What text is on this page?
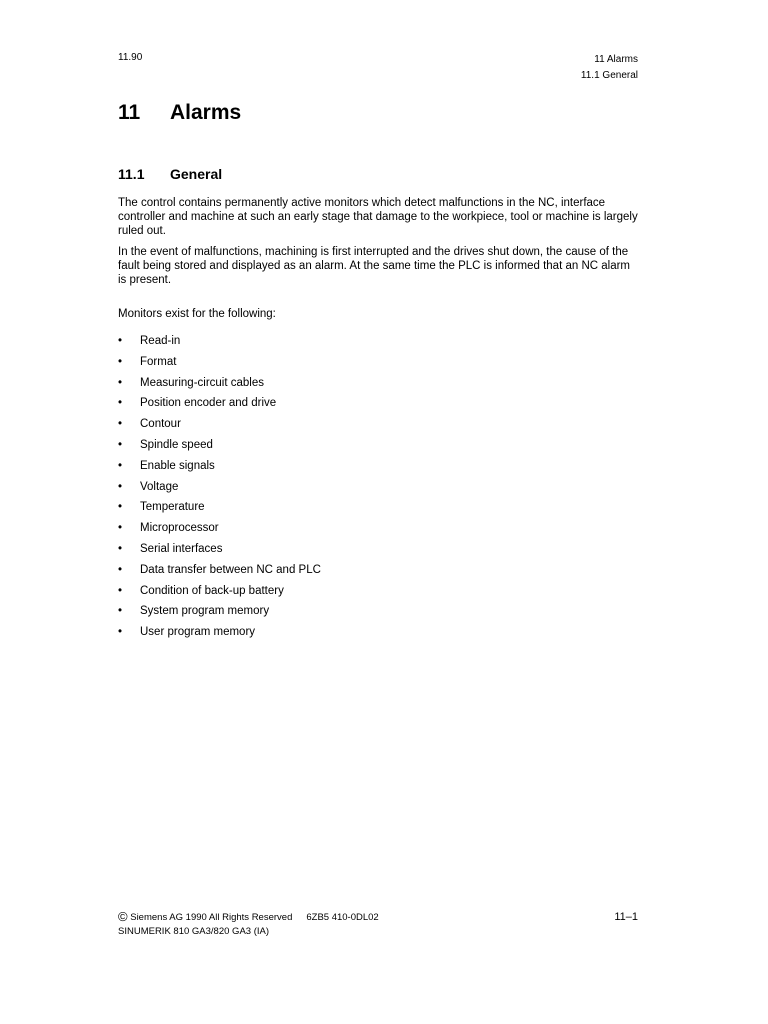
11.90	11 Alarms
11.1 General
11 Alarms
11.1 General

The control contains permanently active monitors which detect malfunctions in the NC, interface controller and machine at such an early stage that damage to the workpiece, tool or machine is largely ruled out.

In the event of malfunctions, machining is first interrupted and the drives shut down, the cause of the fault being stored and displayed as an alarm. At the same time the PLC is informed that an NC alarm is present.

Monitors exist for the following:

•	Read-in
•	Format
•	Measuring-circuit cables
•	Position encoder and drive
•	Contour
•	Spindle speed
•	Enable signals
•	Voltage
•	Temperature
•	Microprocessor
•	Serial interfaces
•	Data transfer between NC and PLC
•	Condition of back-up battery
•	System program memory
•	User program memory
© Siemens AG 1990 All Rights Reserved 6ZB5 410-0DL02
SINUMERIK 810 GA3/820 GA3 (IA)
11–1
